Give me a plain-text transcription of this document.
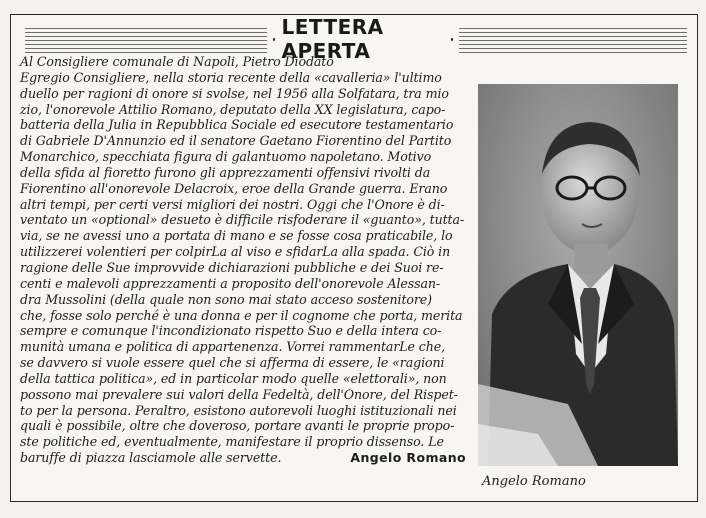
LETTERA APERTA
Al Consigliere comunale di Napoli, Pietro Diodato
Egregio Consigliere, nella storia recente della «cavalleria» l'ultimo
duello per ragioni di onore si svolse, nel 1956 alla Solfatara, tra mio
zio, l'onorevole Attilio Romano, deputato della XX legislatura, capo-
batteria della Julia in Repubblica Sociale ed esecutore testamentario
di Gabriele D'Annunzio ed il senatore Gaetano Fiorentino del Partito
Monarchico, specchiata figura di galantuomo napoletano. Motivo
della sfida al fioretto furono gli apprezzamenti offensivi rivolti da
Fiorentino all'onorevole Delacroix, eroe della Grande guerra. Erano
altri tempi, per certi versi migliori dei nostri. Oggi che l'Onore è di-
ventato un «optional» desueto è difficile risfoderare il «guanto», tutta-
via, se ne avessi uno a portata di mano e se fosse cosa praticabile, lo
utilizzerei volentieri per colpirLa al viso e sfidarLa alla spada. Ciò in
ragione delle Sue improvvide dichiarazioni pubbliche e dei Suoi re-
centi e malevoli apprezzamenti a proposito dell'onorevole Alessan-
dra Mussolini (della quale non sono mai stato acceso sostenitore)
che, fosse solo perché è una donna e per il cognome che porta, merita
sempre e comunque l'incondizionato rispetto Suo e della intera co-
munità umana e politica di appartenenza. Vorrei rammentarLe che,
se davvero si vuole essere quel che si afferma di essere, le «ragioni
della tattica politica», ed in particolar modo quelle «elettorali», non
possono mai prevalere sui valori della Fedeltà, dell'Onore, del Rispet-
to per la persona. Peraltro, esistono autorevoli luoghi istituzionali nei
quali è possibile, oltre che doveroso, portare avanti le proprie propo-
ste politiche ed, eventualmente, manifestare il proprio dissenso. Le
baruffe di piazza lasciamole alle servette.	Angelo Romano
Angelo Romano
